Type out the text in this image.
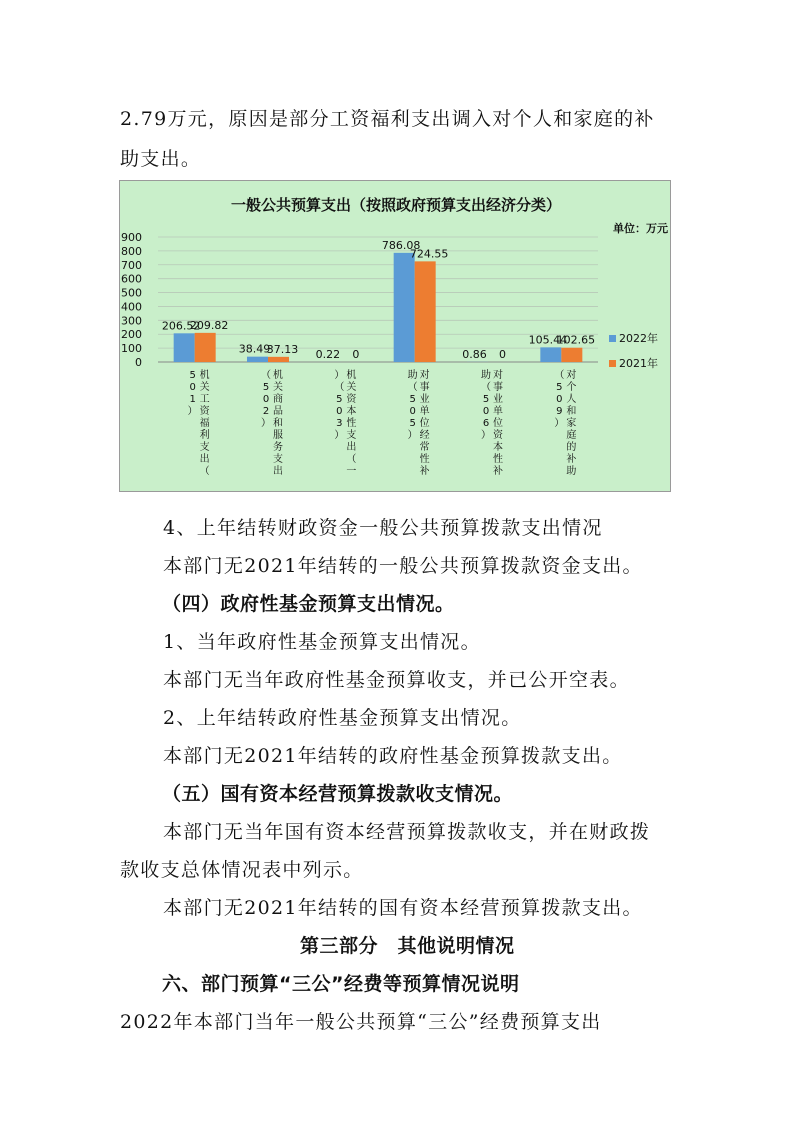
2.79万元，原因是部分工资福利支出调入对个人和家庭的补
助支出。
一般公共预算支出（按照政府预算支出经济分类）
单位：万元
0
100
200
300
400
500
600
700
800
900
206.52
209.82
机关工资福利支出（5 0 1 ）
38.49
37.13
机关商品和服务支出（ 5 0 2 ）
0.22 0
机关资本性支出（一）（ 5 0 3 ）
786.08
724.55
对事业单位经常性补助（ 5 0 5 ）
0.86 0
对事业单位资本性补助（ 5 0 6 ）
105.44
102.65
对个人和家庭的补助（ 5 0 9 ）
2022年
2021年
4、上年结转财政资金一般公共预算拨款支出情况
本部门无2021年结转的一般公共预算拨款资金支出。
（四）政府性基金预算支出情况。
1、当年政府性基金预算支出情况。
本部门无当年政府性基金预算收支，并已公开空表。
2、上年结转政府性基金预算支出情况。
本部门无2021年结转的政府性基金预算拨款支出。
（五）国有资本经营预算拨款收支情况。
本部门无当年国有资本经营预算拨款收支，并在财政拨
款收支总体情况表中列示。
本部门无2021年结转的国有资本经营预算拨款支出。
第三部分　其他说明情况
六、部门预算“三公”经费等预算情况说明
2022年本部门当年一般公共预算“三公”经费预算支出
